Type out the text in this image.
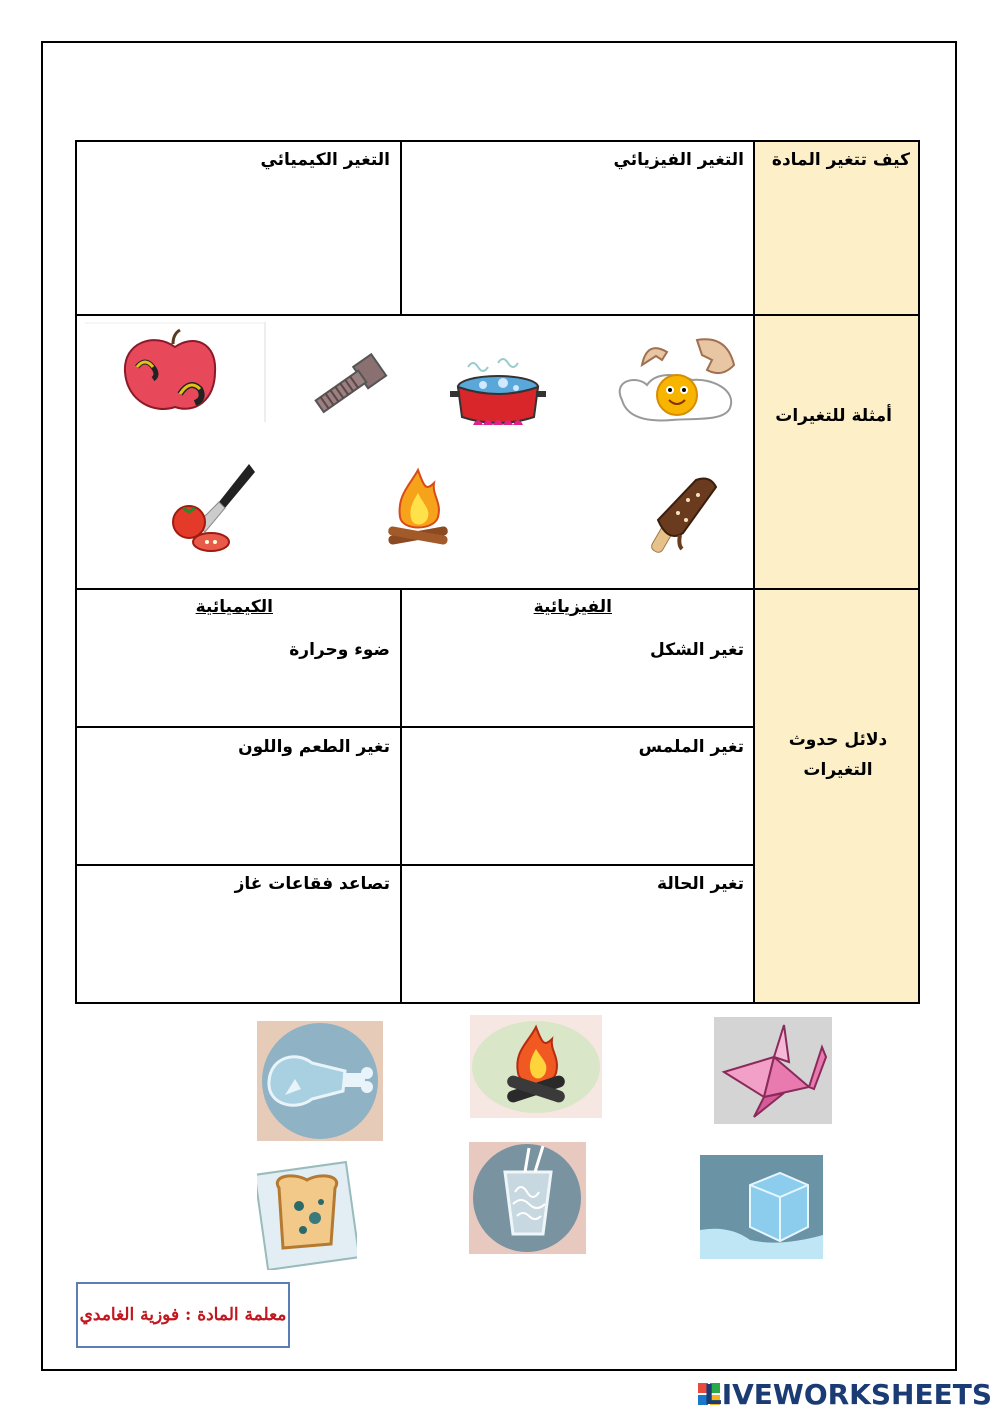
كيف تتغير المادة
التغير الفيزيائي
التغير الكيميائي
أمثلة للتغيرات
دلائل حدوث التغيرات
الفيزيائية
الكيميائية
تغير الشكل
تغير الملمس
تغير الحالة
ضوء وحرارة
تغير الطعم واللون
تصاعد فقاعات غاز
معلمة المادة : فوزية الغامدي
LIVEWORKSHEETS
